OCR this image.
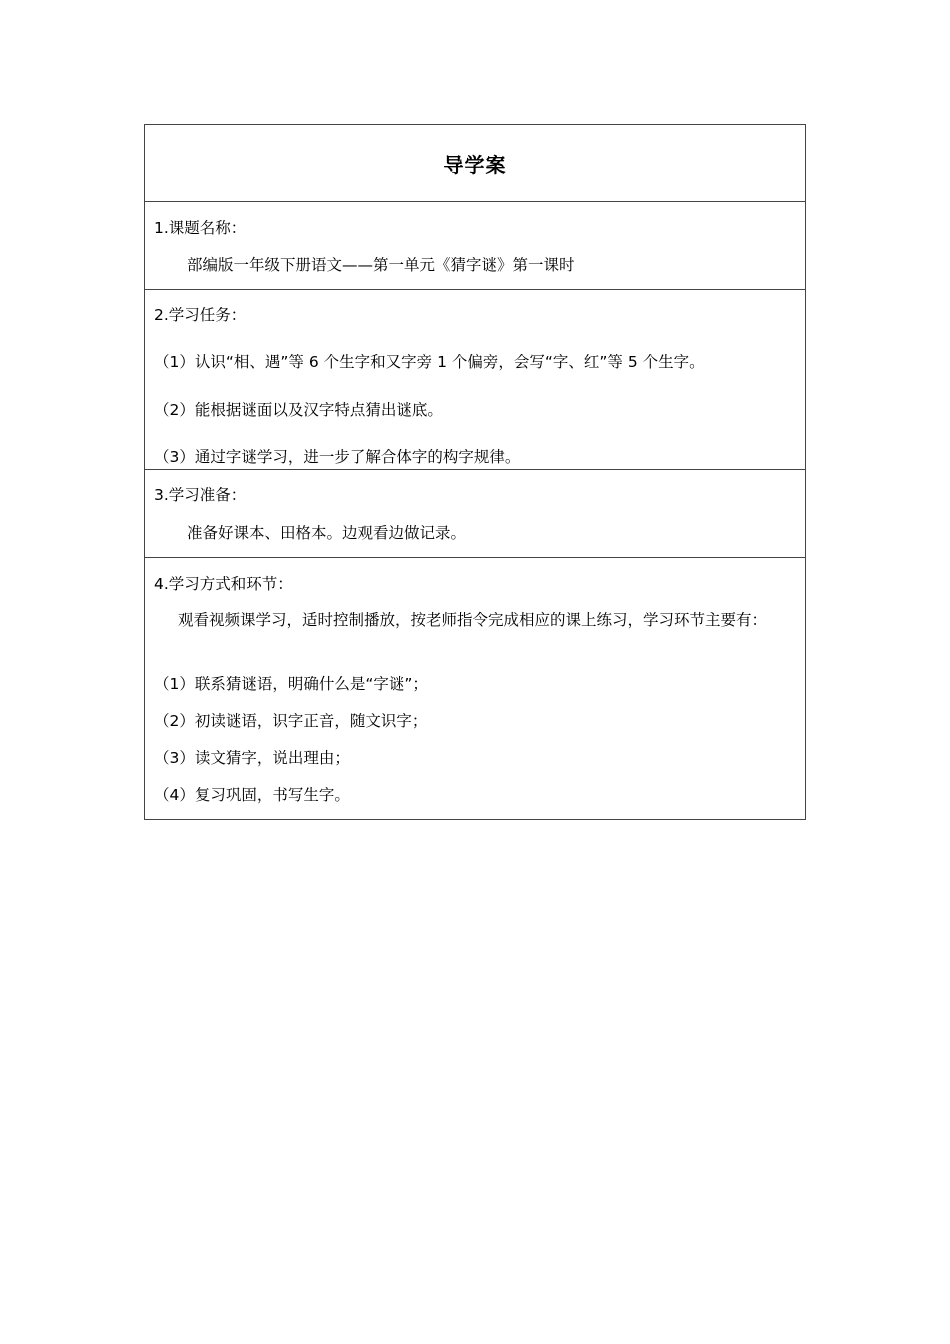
导学案
1.课题名称：
部编版一年级下册语文——第一单元《猜字谜》第一课时
2.学习任务：
（1）认识“相、遇”等 6 个生字和又字旁 1 个偏旁，会写“字、红”等 5 个生字。
（2）能根据谜面以及汉字特点猜出谜底。
（3）通过字谜学习，进一步了解合体字的构字规律。
3.学习准备：
准备好课本、田格本。边观看边做记录。
4.学习方式和环节：
观看视频课学习，适时控制播放，按老师指令完成相应的课上练习，学习环节主要有：
（1）联系猜谜语，明确什么是“字谜”；
（2）初读谜语，识字正音，随文识字；
（3）读文猜字，说出理由；
（4）复习巩固，书写生字。
